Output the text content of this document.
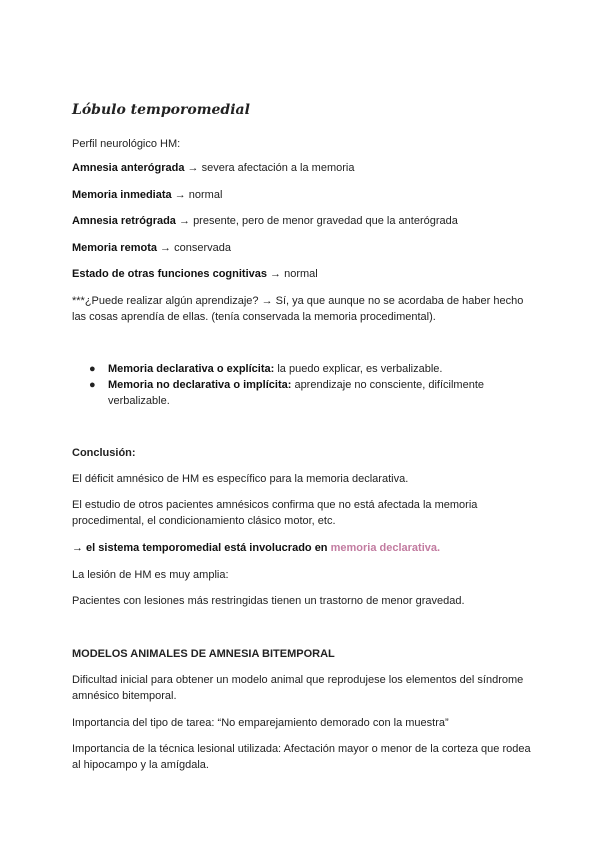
Lóbulo temporomedial

Perfil neurológico HM:

Amnesia anterógrada → severa afectación a la memoria

Memoria inmediata → normal

Amnesia retrógrada → presente, pero de menor gravedad que la anterógrada

Memoria remota → conservada

Estado de otras funciones cognitivas → normal

***¿Puede realizar algún aprendizaje? → Sí, ya que aunque no se acordaba de haber hecho las cosas aprendía de ellas. (tenía conservada la memoria procedimental).

● Memoria declarativa o explícita: la puedo explicar, es verbalizable.
● Memoria no declarativa o implícita: aprendizaje no consciente, difícilmente verbalizable.

Conclusión:

El déficit amnésico de HM es específico para la memoria declarativa.

El estudio de otros pacientes amnésicos confirma que no está afectada la memoria procedimental, el condicionamiento clásico motor, etc.

→ el sistema temporomedial está involucrado en memoria declarativa.

La lesión de HM es muy amplia:

Pacientes con lesiones más restringidas tienen un trastorno de menor gravedad.

MODELOS ANIMALES DE AMNESIA BITEMPORAL

Dificultad inicial para obtener un modelo animal que reprodujese los elementos del síndrome amnésico bitemporal.

Importancia del tipo de tarea: “No emparejamiento demorado con la muestra”

Importancia de la técnica lesional utilizada: Afectación mayor o menor de la corteza que rodea al hipocampo y la amígdala.
